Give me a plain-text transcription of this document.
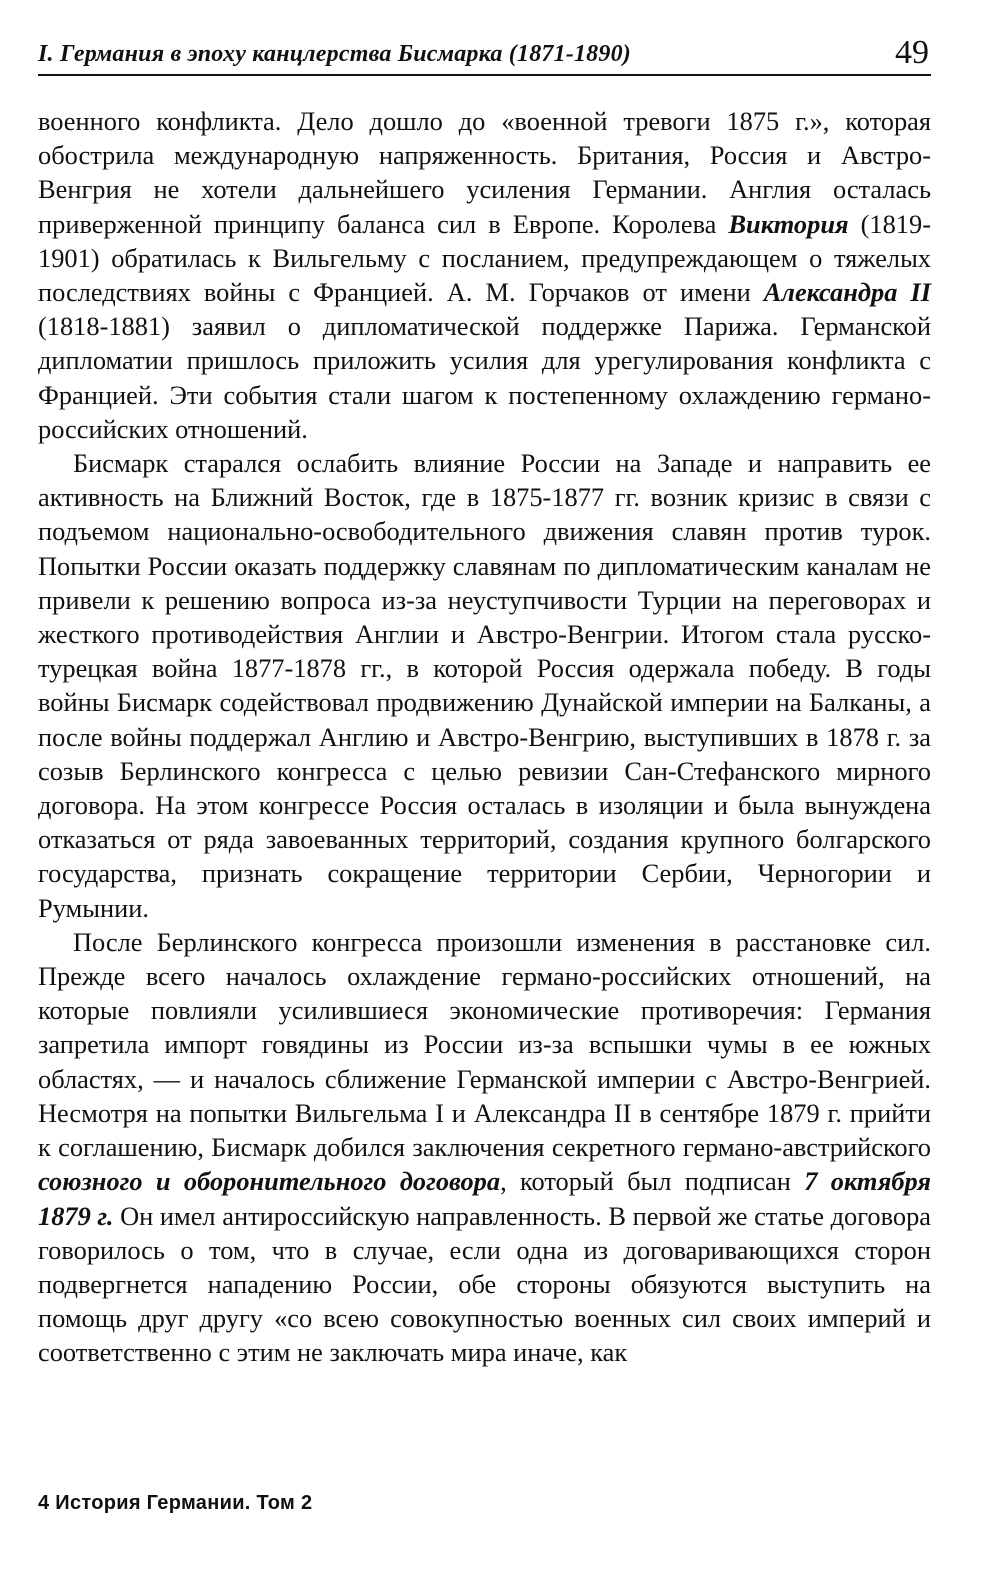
I. Германия в эпоху канцлерства Бисмарка (1871-1890)	49

военного конфликта. Дело дошло до «военной тревоги 1875 г.», которая обострила международную напряженность. Британия, Россия и Австро-Венгрия не хотели дальнейшего усиления Германии. Англия осталась приверженной принципу баланса сил в Европе. Королева Виктория (1819-1901) обратилась к Вильгельму с посланием, предупреждающем о тяжелых последствиях войны с Францией. А. М. Горчаков от имени Александра II (1818-1881) заявил о дипломатической поддержке Парижа. Германской дипломатии пришлось приложить усилия для урегулирования конфликта с Францией. Эти события стали шагом к постепенному охлаждению германо-российских отношений.

Бисмарк старался ослабить влияние России на Западе и направить ее активность на Ближний Восток, где в 1875-1877 гг. возник кризис в связи с подъемом национально-освободительного движения славян против турок. Попытки России оказать поддержку славянам по дипломатическим каналам не привели к решению вопроса из-за неуступчивости Турции на переговорах и жесткого противодействия Англии и Австро-Венгрии. Итогом стала русско-турецкая война 1877-1878 гг., в которой Россия одержала победу. В годы войны Бисмарк содействовал продвижению Дунайской империи на Балканы, а после войны поддержал Англию и Австро-Венгрию, выступивших в 1878 г. за созыв Берлинского конгресса с целью ревизии Сан-Стефанского мирного договора. На этом конгрессе Россия осталась в изоляции и была вынуждена отказаться от ряда завоеванных территорий, создания крупного болгарского государства, признать сокращение территории Сербии, Черногории и Румынии.

После Берлинского конгресса произошли изменения в расстановке сил. Прежде всего началось охлаждение германо-российских отношений, на которые повлияли усилившиеся экономические противоречия: Германия запретила импорт говядины из России из-за вспышки чумы в ее южных областях, — и началось сближение Германской империи с Австро-Венгрией. Несмотря на попытки Вильгельма I и Александра II в сентябре 1879 г. прийти к соглашению, Бисмарк добился заключения секретного германо-австрийского союзного и оборонительного договора, который был подписан 7 октября 1879 г. Он имел антироссийскую направленность. В первой же статье договора говорилось о том, что в случае, если одна из договаривающихся сторон подвергнется нападению России, обе стороны обязуются выступить на помощь друг другу «со всею совокупностью военных сил своих империй и соответственно с этим не заключать мира иначе, как

4 История Германии. Том 2
